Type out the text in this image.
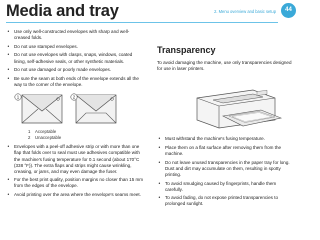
Media and tray	2. Menu overview and basic setup	44
• Use only well-constructed envelopes with sharp and well-creased folds.
• Do not use stamped envelopes.
• Do not use envelopes with clasps, snaps, windows, coated lining, self-adhesive seals, or other synthetic materials.
• Do not use damaged or poorly made envelopes.
• Be sure the seam at both ends of the envelope extends all the way to the corner of the envelope.
1	2
1 Acceptable
2 Unacceptable
• Envelopes with a peel-off adhesive strip or with more than one flap that folds over to seal must use adhesives compatible with the machine's fusing temperature for 0.1 second (about 170°C (338 °F)). The extra flaps and strips might cause wrinkling, creasing, or jams, and may even damage the fuser.
• For the best print quality, position margins no closer than 15 mm from the edges of the envelope.
• Avoid printing over the area where the envelope's seams meet.
Transparency
To avoid damaging the machine, use only transparencies designed for use in laser printers.
• Must withstand the machine's fusing temperature.
• Place them on a flat surface after removing them from the machine.
• Do not leave unused transparencies in the paper tray for long. Dust and dirt may accumulate on them, resulting in spotty printing.
• To avoid smudging caused by fingerprints, handle them carefully.
• To avoid fading, do not expose printed transparencies to prolonged sunlight.
